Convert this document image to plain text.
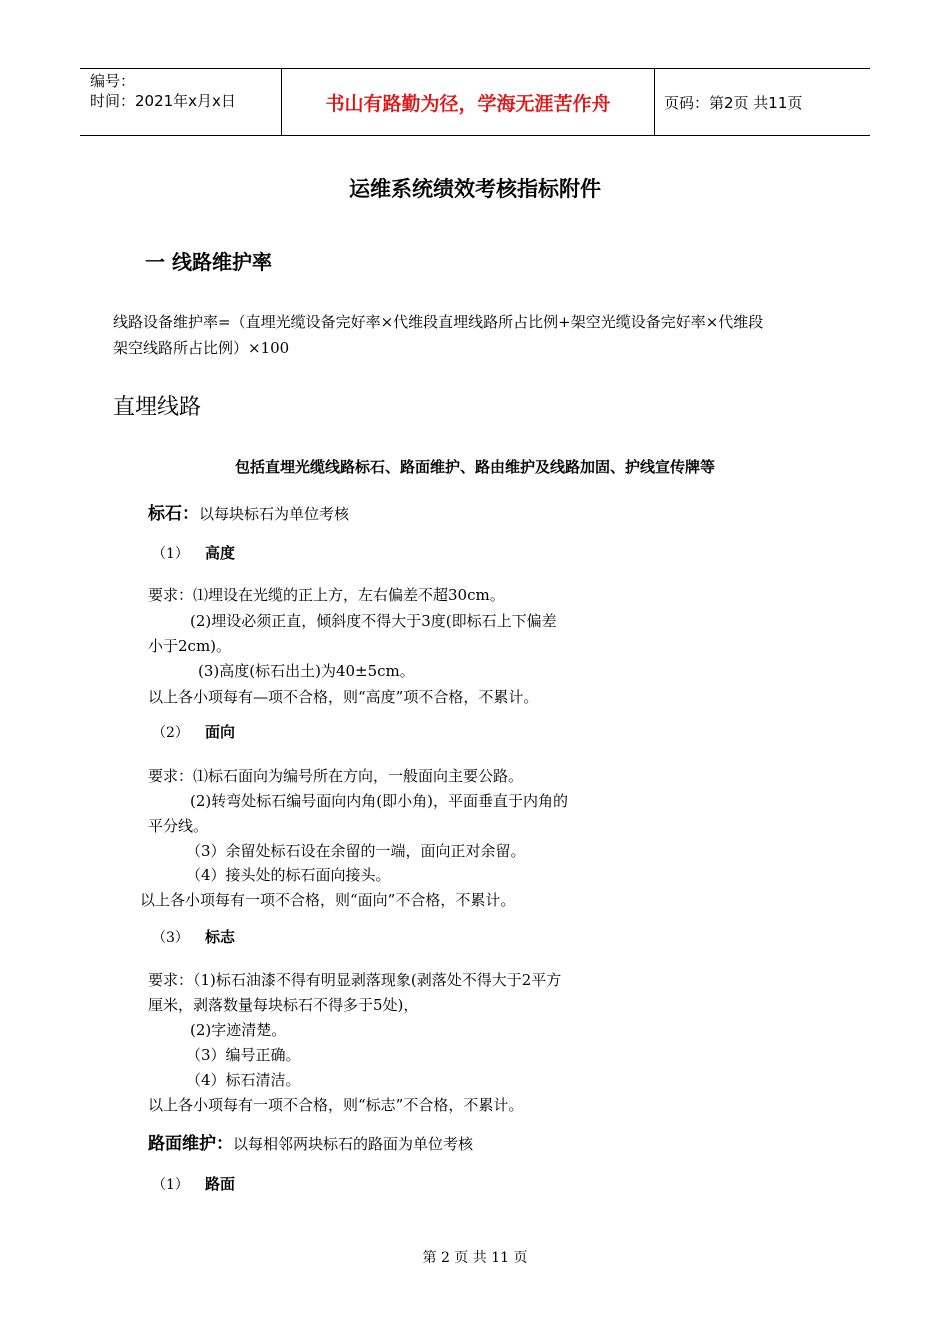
编号：
时间：2021年x月x日	书山有路勤为径，学海无涯苦作舟	页码：第2页 共11页
运维系统绩效考核指标附件
一 线路维护率
线路设备维护率=（直埋光缆设备完好率×代维段直埋线路所占比例+架空光缆设备完好率×代维段
架空线路所占比例）×100
直埋线路
包括直埋光缆线路标石、路面维护、路由维护及线路加固、护线宣传牌等
标石：以每块标石为单位考核
（1） 高度
要求：⑴埋设在光缆的正上方，左右偏差不超30cm。
(2)埋设必须正直，倾斜度不得大于3度(即标石上下偏差
小于2cm)。
(3)高度(标石出土)为40±5cm。
以上各小项每有—项不合格，则“高度”项不合格，不累计。
（2） 面向
要求：⑴标石面向为编号所在方向，一般面向主要公路。
(2)转弯处标石编号面向内角(即小角)，平面垂直于内角的
平分线。
（3）余留处标石设在余留的一端，面向正对余留。
（4）接头处的标石面向接头。
以上各小项每有一项不合格，则“面向”不合格，不累计。
（3） 标志
要求：（1)标石油漆不得有明显剥落现象(剥落处不得大于2平方
厘米，剥落数量每块标石不得多于5处)，
(2)字迹清楚。
（3）编号正确。
（4）标石清洁。
以上各小项每有一项不合格，则“标志”不合格，不累计。
路面维护：以每相邻两块标石的路面为单位考核
（1） 路面
第 2 页 共 11 页
